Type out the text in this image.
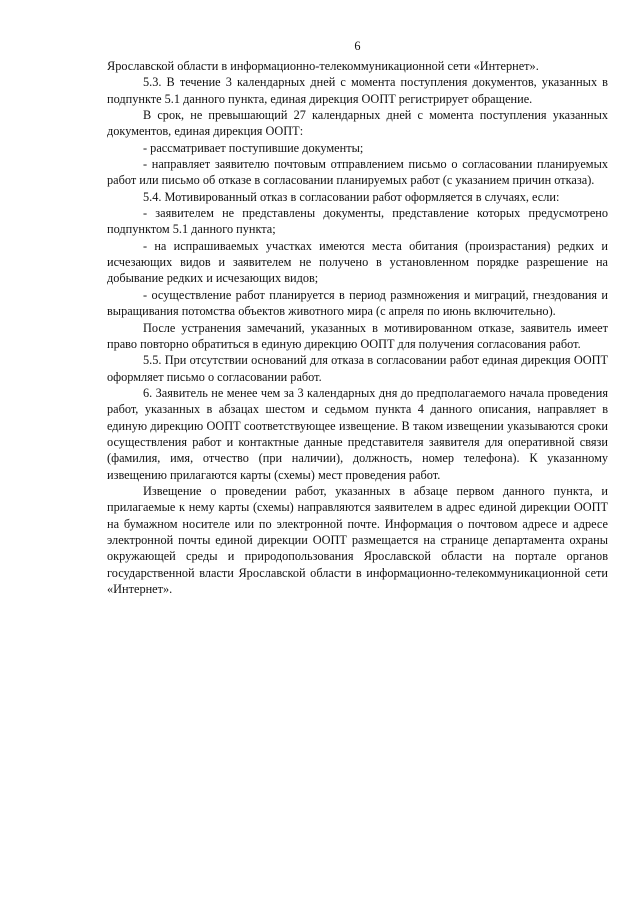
6

Ярославской области в информационно-телекоммуникационной сети «Интернет».

5.3. В течение 3 календарных дней с момента поступления документов, указанных в подпункте 5.1 данного пункта, единая дирекция ООПТ регистрирует обращение.

В срок, не превышающий 27 календарных дней с момента поступления указанных документов, единая дирекция ООПТ:

- рассматривает поступившие документы;

- направляет заявителю почтовым отправлением письмо о согласовании планируемых работ или письмо об отказе в согласовании планируемых работ (с указанием причин отказа).

5.4. Мотивированный отказ в согласовании работ оформляется в случаях, если:

- заявителем не представлены документы, представление которых предусмотрено подпунктом 5.1 данного пункта;

- на испрашиваемых участках имеются места обитания (произрастания) редких и исчезающих видов и заявителем не получено в установленном порядке разрешение на добывание редких и исчезающих видов;

- осуществление работ планируется в период размножения и миграций, гнездования и выращивания потомства объектов животного мира (с апреля по июнь включительно).

После устранения замечаний, указанных в мотивированном отказе, заявитель имеет право повторно обратиться в единую дирекцию ООПТ для получения согласования работ.

5.5. При отсутствии оснований для отказа в согласовании работ единая дирекция ООПТ оформляет письмо о согласовании работ.

6. Заявитель не менее чем за 3 календарных дня до предполагаемого начала проведения работ, указанных в абзацах шестом и седьмом пункта 4 данного описания, направляет в единую дирекцию ООПТ соответствующее извещение. В таком извещении указываются сроки осуществления работ и контактные данные представителя заявителя для оперативной связи (фамилия, имя, отчество (при наличии), должность, номер телефона). К указанному извещению прилагаются карты (схемы) мест проведения работ.

Извещение о проведении работ, указанных в абзаце первом данного пункта, и прилагаемые к нему карты (схемы) направляются заявителем в адрес единой дирекции ООПТ на бумажном носителе или по электронной почте. Информация о почтовом адресе и адресе электронной почты единой дирекции ООПТ размещается на странице департамента охраны окружающей среды и природопользования Ярославской области на портале органов государственной власти Ярославской области в информационно-телекоммуникационной сети «Интернет».
